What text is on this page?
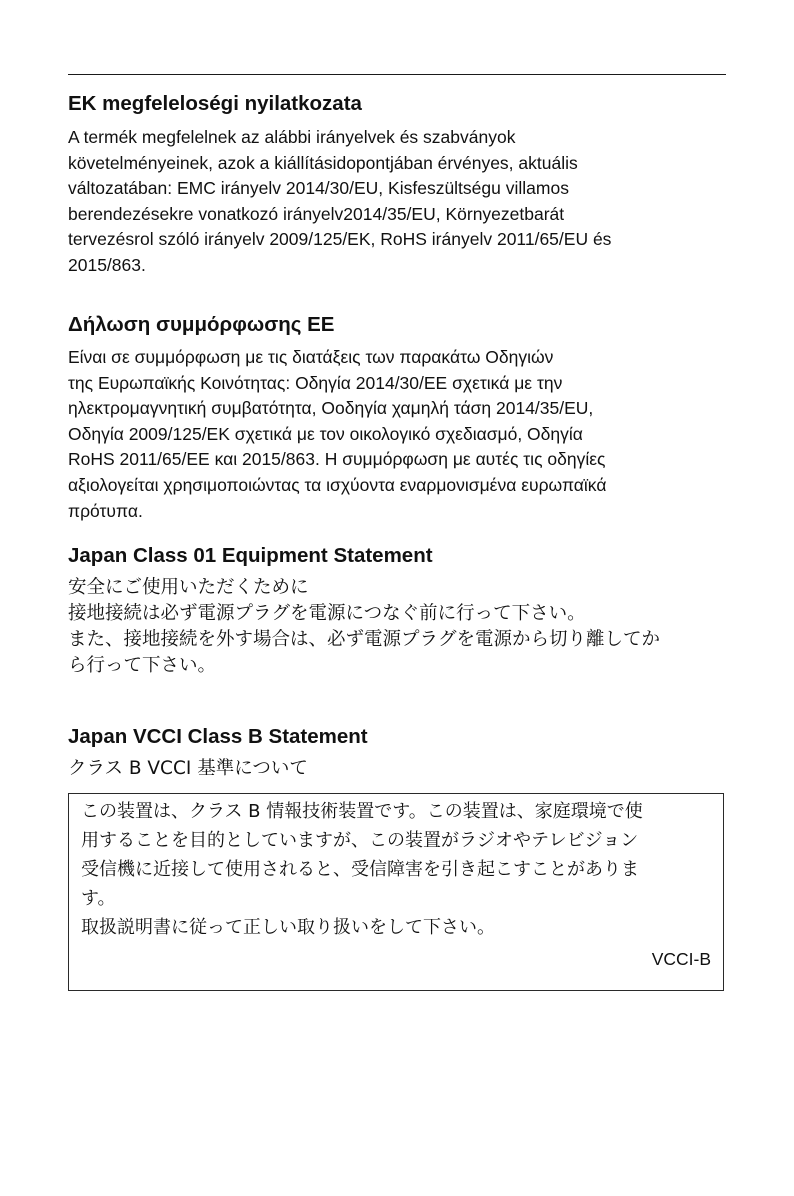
EK megfeleloségi nyilatkozata

A termék megfelelnek az alábbi irányelvek és szabványok
követelményeinek, azok a kiállításidopontjában érvényes, aktuális
változatában: EMC irányelv 2014/30/EU, Kisfeszültségu villamos
berendezésekre vonatkozó irányelv2014/35/EU, Környezetbarát
tervezésrol szóló irányelv 2009/125/EK, RoHS irányelv 2011/65/EU és
2015/863.

Δήλωση συμμόρφωσης ΕΕ

Είναι σε συμμόρφωση με τις διατάξεις των παρακάτω Οδηγιών
της Ευρωπαϊκής Κοινότητας: Οδηγία 2014/30/ΕΕ σχετικά με την
ηλεκτρομαγνητική συμβατότητα, Οοδηγία χαμηλή τάση 2014/35/EU,
Οδηγία 2009/125/ΕΚ σχετικά με τον οικολογικό σχεδιασμό, Οδηγία
RoHS 2011/65/ΕΕ και 2015/863. Η συμμόρφωση με αυτές τις οδηγίες
αξιολογείται χρησιμοποιώντας τα ισχύοντα εναρμονισμένα ευρωπαϊκά
πρότυπα.

Japan Class 01 Equipment Statement
安全にご使用いただくために
接地接続は必ず電源プラグを電源につなぐ前に行って下さい。
また、接地接続を外す場合は、必ず電源プラグを電源から切り離してか
ら行って下さい。
Japan VCCI Class B Statement
クラス B VCCI 基準について
この装置は、クラス B 情報技術装置です。この装置は、家庭環境で使
用することを目的としていますが、この装置がラジオやテレビジョン
受信機に近接して使用されると、受信障害を引き起こすことがありま
す。
取扱説明書に従って正しい取り扱いをして下さい。
VCCI-B
